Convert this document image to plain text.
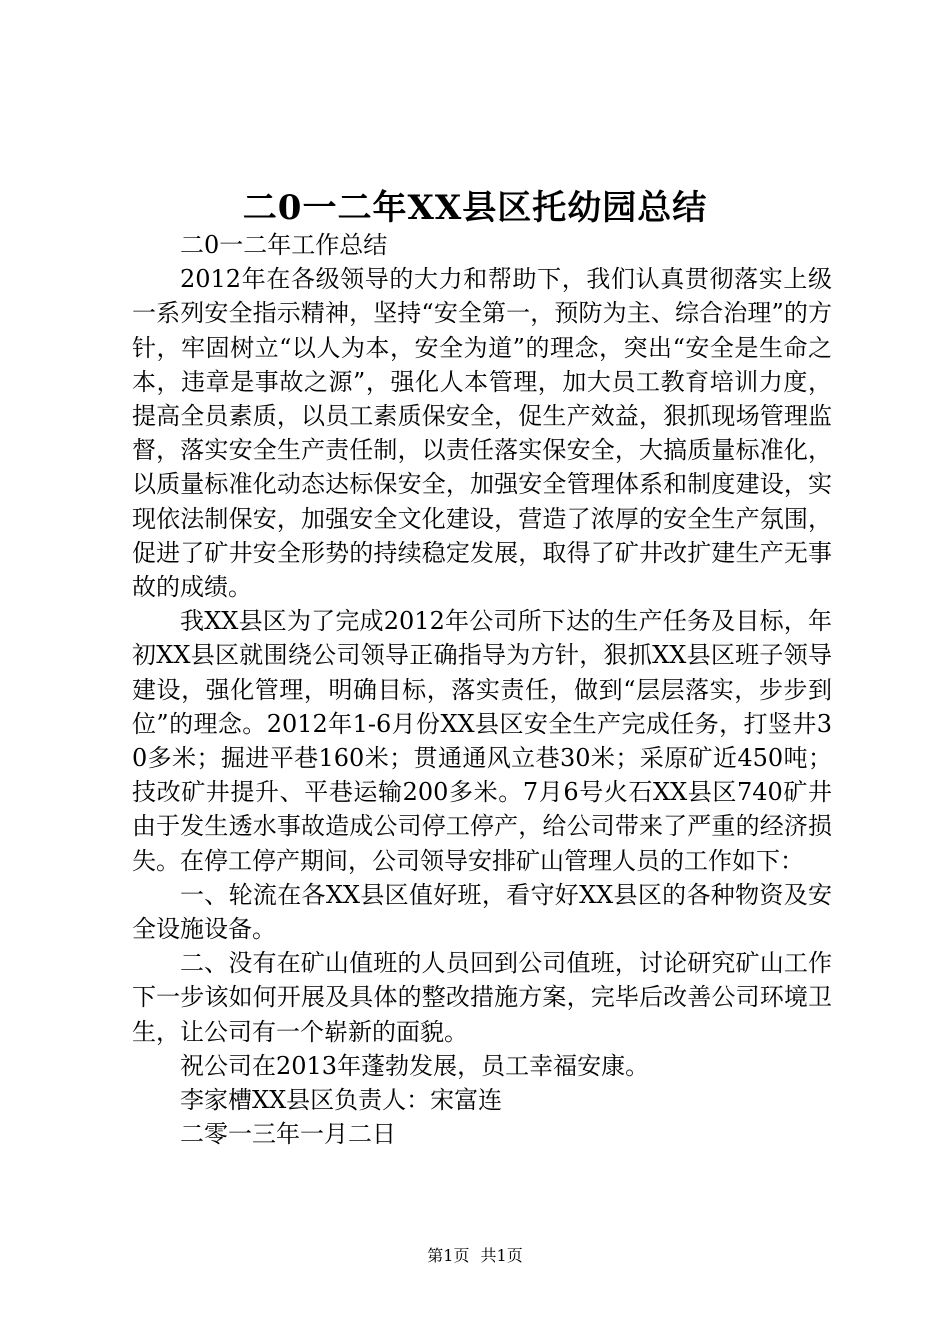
二0一二年XX县区托幼园总结

二0一二年工作总结

2012年在各级领导的大力和帮助下，我们认真贯彻落实上级一系列安全指示精神，坚持“安全第一，预防为主、综合治理”的方针，牢固树立“以人为本，安全为道”的理念，突出“安全是生命之本，违章是事故之源”，强化人本管理，加大员工教育培训力度，提高全员素质，以员工素质保安全，促生产效益，狠抓现场管理监督，落实安全生产责任制，以责任落实保安全，大搞质量标准化，以质量标准化动态达标保安全，加强安全管理体系和制度建设，实现依法制保安，加强安全文化建设，营造了浓厚的安全生产氛围，促进了矿井安全形势的持续稳定发展，取得了矿井改扩建生产无事故的成绩。

我XX县区为了完成2012年公司所下达的生产任务及目标，年初XX县区就围绕公司领导正确指导为方针，狠抓XX县区班子领导建设，强化管理，明确目标，落实责任，做到“层层落实，步步到位”的理念。2012年1-6月份XX县区安全生产完成任务，打竖井30多米；掘进平巷160米；贯通通风立巷30米；采原矿近450吨；技改矿井提升、平巷运输200多米。7月6号火石XX县区740矿井由于发生透水事故造成公司停工停产，给公司带来了严重的经济损失。在停工停产期间，公司领导安排矿山管理人员的工作如下：

一、轮流在各XX县区值好班，看守好XX县区的各种物资及安全设施设备。

二、没有在矿山值班的人员回到公司值班，讨论研究矿山工作下一步该如何开展及具体的整改措施方案，完毕后改善公司环境卫生，让公司有一个崭新的面貌。

祝公司在2013年蓬勃发展，员工幸福安康。

李家槽XX县区负责人：宋富连

二零一三年一月二日

第1页 共1页
